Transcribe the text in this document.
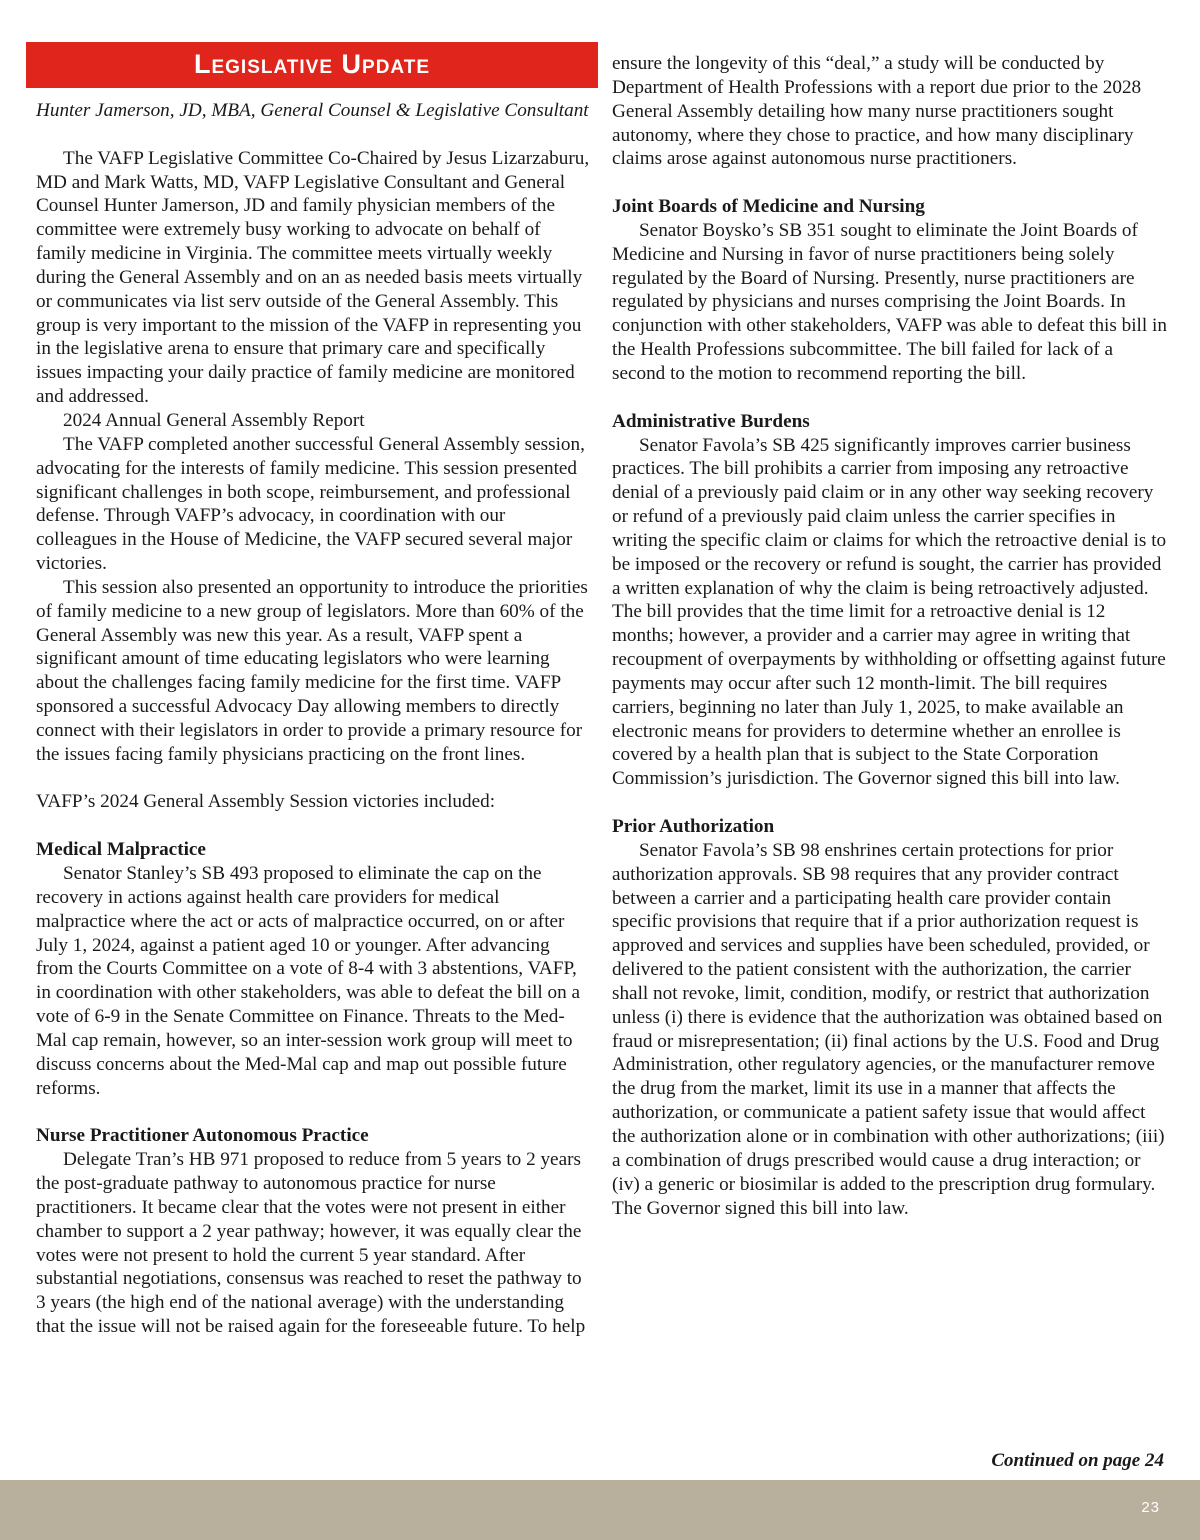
Legislative Update

Hunter Jamerson, JD, MBA, General Counsel & Legislative Consultant

The VAFP Legislative Committee Co-Chaired by Jesus Lizarzaburu, MD and Mark Watts, MD, VAFP Legislative Consultant and General Counsel Hunter Jamerson, JD and family physician members of the committee were extremely busy working to advocate on behalf of family medicine in Virginia. The committee meets virtually weekly during the General Assembly and on an as needed basis meets virtually or communicates via list serv outside of the General Assembly. This group is very important to the mission of the VAFP in representing you in the legislative arena to ensure that primary care and specifically issues impacting your daily practice of family medicine are monitored and addressed.

2024 Annual General Assembly Report

The VAFP completed another successful General Assembly session, advocating for the interests of family medicine. This session presented significant challenges in both scope, reimbursement, and professional defense. Through VAFP’s advocacy, in coordination with our colleagues in the House of Medicine, the VAFP secured several major victories.

This session also presented an opportunity to introduce the priorities of family medicine to a new group of legislators. More than 60% of the General Assembly was new this year. As a result, VAFP spent a significant amount of time educating legislators who were learning about the challenges facing family medicine for the first time. VAFP sponsored a successful Advocacy Day allowing members to directly connect with their legislators in order to provide a primary resource for the issues facing family physicians practicing on the front lines.

VAFP’s 2024 General Assembly Session victories included:

Medical Malpractice

Senator Stanley’s SB 493 proposed to eliminate the cap on the recovery in actions against health care providers for medical malpractice where the act or acts of malpractice occurred, on or after July 1, 2024, against a patient aged 10 or younger. After advancing from the Courts Committee on a vote of 8-4 with 3 abstentions, VAFP, in coordination with other stakeholders, was able to defeat the bill on a vote of 6-9 in the Senate Committee on Finance. Threats to the Med-Mal cap remain, however, so an inter-session work group will meet to discuss concerns about the Med-Mal cap and map out possible future reforms.

Nurse Practitioner Autonomous Practice

Delegate Tran’s HB 971 proposed to reduce from 5 years to 2 years the post-graduate pathway to autonomous practice for nurse practitioners. It became clear that the votes were not present in either chamber to support a 2 year pathway; however, it was equally clear the votes were not present to hold the current 5 year standard. After substantial negotiations, consensus was reached to reset the pathway to 3 years (the high end of the national average) with the understanding that the issue will not be raised again for the foreseeable future. To help

ensure the longevity of this “deal,” a study will be conducted by Department of Health Professions with a report due prior to the 2028 General Assembly detailing how many nurse practitioners sought autonomy, where they chose to practice, and how many disciplinary claims arose against autonomous nurse practitioners.

Joint Boards of Medicine and Nursing

Senator Boysko’s SB 351 sought to eliminate the Joint Boards of Medicine and Nursing in favor of nurse practitioners being solely regulated by the Board of Nursing. Presently, nurse practitioners are regulated by physicians and nurses comprising the Joint Boards. In conjunction with other stakeholders, VAFP was able to defeat this bill in the Health Professions subcommittee. The bill failed for lack of a second to the motion to recommend reporting the bill.

Administrative Burdens

Senator Favola’s SB 425 significantly improves carrier business practices. The bill prohibits a carrier from imposing any retroactive denial of a previously paid claim or in any other way seeking recovery or refund of a previously paid claim unless the carrier specifies in writing the specific claim or claims for which the retroactive denial is to be imposed or the recovery or refund is sought, the carrier has provided a written explanation of why the claim is being retroactively adjusted. The bill provides that the time limit for a retroactive denial is 12 months; however, a provider and a carrier may agree in writing that recoupment of overpayments by withholding or offsetting against future payments may occur after such 12 month-limit. The bill requires carriers, beginning no later than July 1, 2025, to make available an electronic means for providers to determine whether an enrollee is covered by a health plan that is subject to the State Corporation Commission’s jurisdiction. The Governor signed this bill into law.

Prior Authorization

Senator Favola’s SB 98 enshrines certain protections for prior authorization approvals. SB 98 requires that any provider contract between a carrier and a participating health care provider contain specific provisions that require that if a prior authorization request is approved and services and supplies have been scheduled, provided, or delivered to the patient consistent with the authorization, the carrier shall not revoke, limit, condition, modify, or restrict that authorization unless (i) there is evidence that the authorization was obtained based on fraud or misrepresentation; (ii) final actions by the U.S. Food and Drug Administration, other regulatory agencies, or the manufacturer remove the drug from the market, limit its use in a manner that affects the authorization, or communicate a patient safety issue that would affect the authorization alone or in combination with other authorizations; (iii) a combination of drugs prescribed would cause a drug interaction; or (iv) a generic or biosimilar is added to the prescription drug formulary. The Governor signed this bill into law.

Continued on page 24
23
